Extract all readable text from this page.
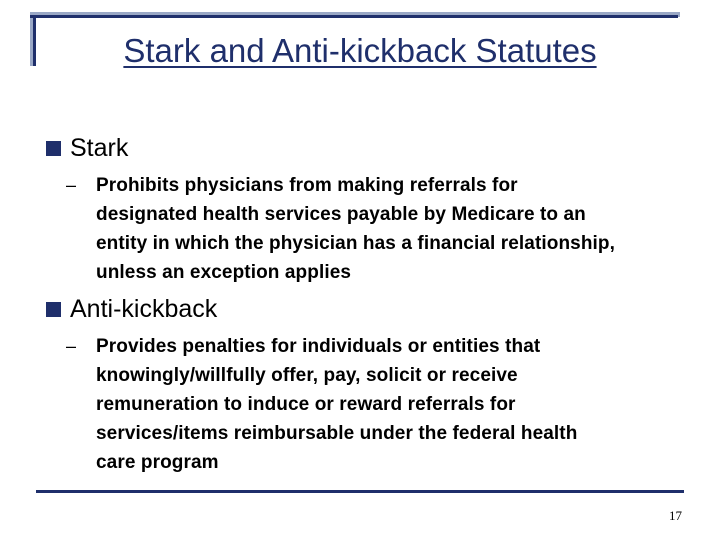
Stark and Anti-kickback Statutes
Stark
– Prohibits physicians from making referrals for
designated health services payable by Medicare to an
entity in which the physician has a financial relationship,
unless an exception applies
Anti-kickback
– Provides penalties for individuals or entities that
knowingly/willfully offer, pay, solicit or receive
remuneration to induce or reward referrals for
services/items reimbursable under the federal health
care program
17
